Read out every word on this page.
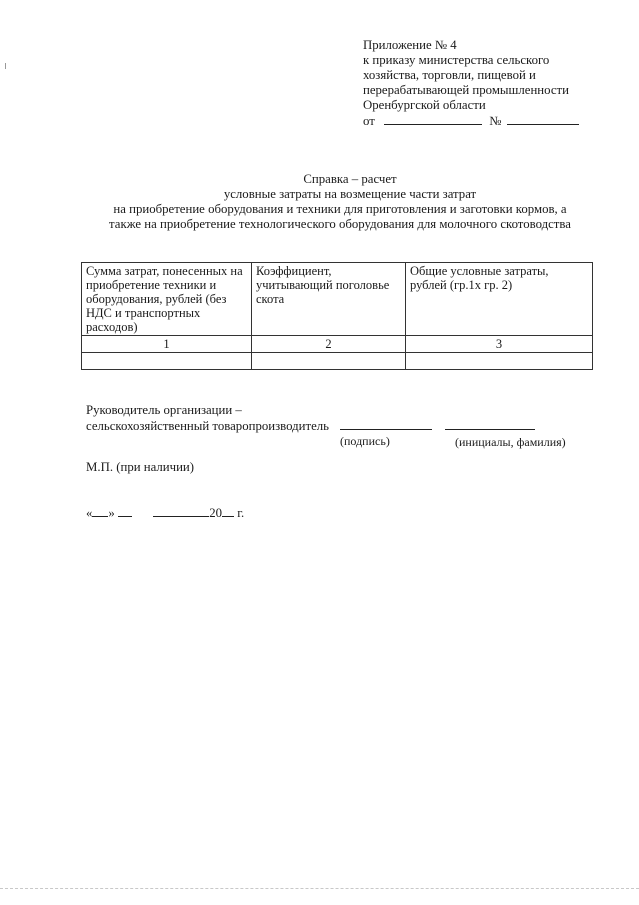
Приложение № 4
к приказу министерства сельского
хозяйства, торговли, пищевой и
перерабатывающей промышленности
Оренбургской области
от	№
Справка – расчет
условные затраты на возмещение части затрат
на приобретение оборудования и техники для приготовления и заготовки кормов, а
также на приобретение технологического оборудования для молочного скотоводства
Сумма затрат, понесенных на приобретение техники и оборудования, рублей (без НДС и транспортных расходов)	Коэффициент, учитывающий поголовье скота	Общие условные затраты, рублей (гр.1х гр. 2)
1	2	3

Руководитель организации –
сельскохозяйственный товаропроизводитель
(подпись)	(инициалы, фамилия)
М.П. (при наличии)
« »	20 г.
